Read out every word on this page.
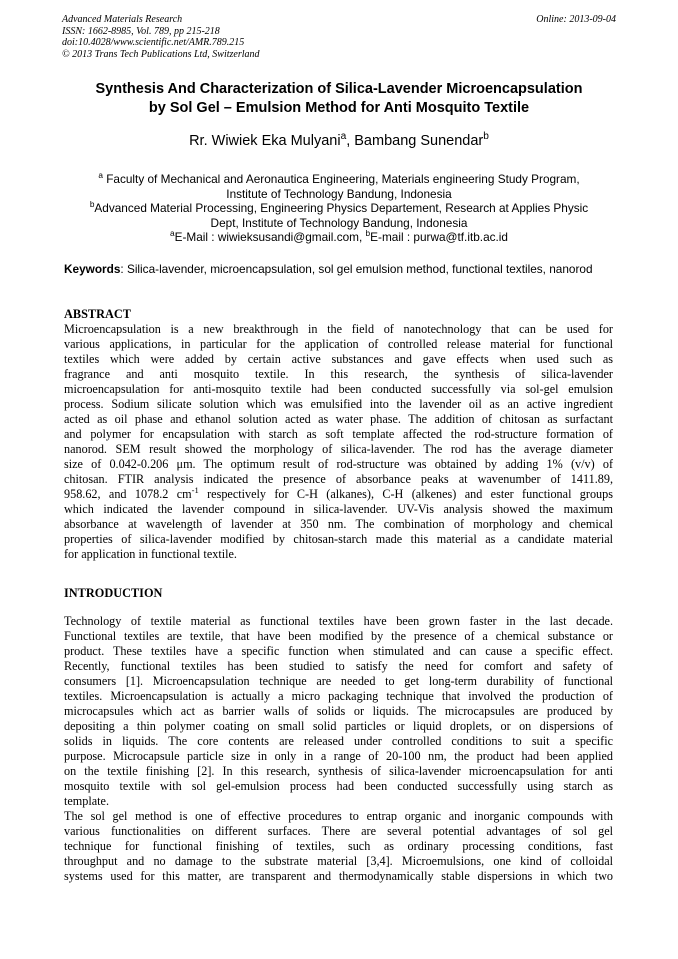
Advanced Materials Research
ISSN: 1662-8985, Vol. 789, pp 215-218
doi:10.4028/www.scientific.net/AMR.789.215
© 2013 Trans Tech Publications Ltd, Switzerland
Online: 2013-09-04
Synthesis And Characterization of Silica-Lavender Microencapsulation
by Sol Gel – Emulsion Method for Anti Mosquito Textile
Rr. Wiwiek Eka Mulyani$^a$, Bambang Sunendar$^b$
$^a$ Faculty of Mechanical and Aeronautica Engineering, Materials engineering Study Program,
Institute of Technology Bandung, Indonesia
$^b$Advanced Material Processing, Engineering Physics Departement, Research at Applies Physic
Dept, Institute of Technology Bandung, Indonesia
$^a$E-Mail : wiwieksusandi@gmail.com, $^b$E-mail : purwa@tf.itb.ac.id
Keywords: Silica-lavender, microencapsulation, sol gel emulsion method, functional textiles, nanorod
ABSTRACT
Microencapsulation is a new breakthrough in the field of nanotechnology that can be used for
various applications, in particular for the application of controlled release material for functional
textiles which were added by certain active substances and gave effects when used such as
fragrance and anti mosquito textile. In this research, the synthesis of silica-lavender
microencapsulation for anti-mosquito textile had been conducted successfully via sol-gel emulsion
process. Sodium silicate solution which was emulsified into the lavender oil as an active ingredient
acted as oil phase and ethanol solution acted as water phase. The addition of chitosan as surfactant
and polymer for encapsulation with starch as soft template affected the rod-structure formation of
nanorod. SEM result showed the morphology of silica-lavender. The rod has the average diameter
size of 0.042-0.206 μm. The optimum result of rod-structure was obtained by adding 1% (v/v) of
chitosan. FTIR analysis indicated the presence of absorbance peaks at wavenumber of 1411.89,
958.62, and 1078.2 $cm^{-1}$ respectively for C-H (alkanes), C-H (alkenes) and ester functional groups
which indicated the lavender compound in silica-lavender. UV-Vis analysis showed the maximum
absorbance at wavelength of lavender at 350 nm. The combination of morphology and chemical
properties of silica-lavender modified by chitosan-starch made this material as a candidate material
for application in functional textile.
INTRODUCTION
Technology of textile material as functional textiles have been grown faster in the last decade.
Functional textiles are textile, that have been modified by the presence of a chemical substance or
product. These textiles have a specific function when stimulated and can cause a specific effect.
Recently, functional textiles has been studied to satisfy the need for comfort and safety of
consumers [1]. Microencapsulation technique are needed to get long-term durability of functional
textiles. Microencapsulation is actually a micro packaging technique that involved the production of
microcapsules which act as barrier walls of solids or liquids. The microcapsules are produced by
depositing a thin polymer coating on small solid particles or liquid droplets, or on dispersions of
solids in liquids. The core contents are released under controlled conditions to suit a specific
purpose. Microcapsule particle size in only in a range of 20-100 nm, the product had been applied
on the textile finishing [2]. In this research, synthesis of silica-lavender microencapsulation for anti
mosquito textile with sol gel-emulsion process had been conducted successfully using starch as
template.
The sol gel method is one of effective procedures to entrap organic and inorganic compounds with
various functionalities on different surfaces. There are several potential advantages of sol gel
technique for functional finishing of textiles, such as ordinary processing conditions, fast
throughput and no damage to the substrate material [3,4]. Microemulsions, one kind of colloidal
systems used for this matter, are transparent and thermodynamically stable dispersions in which two
